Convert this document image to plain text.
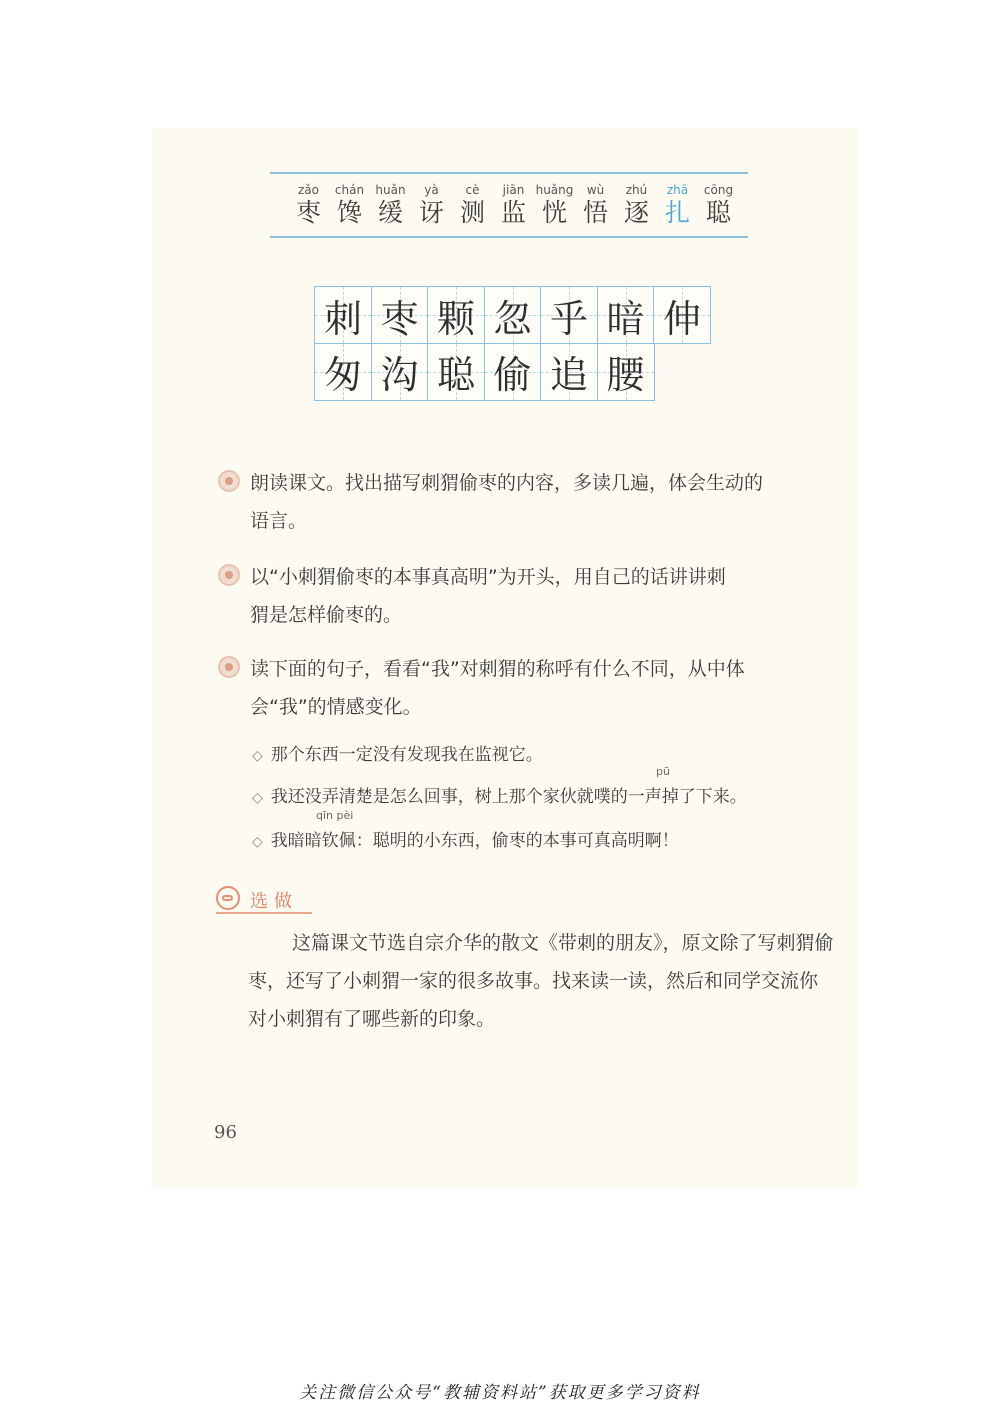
zǎo
枣
chán
馋
huǎn
缓
yà
讶
cè
测
jiān
监
huǎng
恍
wù
悟
zhú
逐
zhā
扎
cōng
聪
刺 枣 颗 忽 乎 暗 伸
匆 沟 聪 偷 追 腰

朗读课文。找出描写刺猬偷枣的内容，多读几遍，体会生动的

语言。

以“小刺猬偷枣的本事真高明”为开头，用自己的话讲讲刺

猬是怎样偷枣的。

读下面的句子，看看“我”对刺猬的称呼有什么不同，从中体

会“我”的情感变化。

◇ 那个东西一定没有发现我在监视它。
pū
◇ 我还没弄清楚是怎么回事，树上那个家伙就噗的一声掉了下来。
qīn pèi
◇ 我暗暗钦佩：聪明的小东西，偷枣的本事可真高明啊！
选做
这篇课文节选自宗介华的散文《带刺的朋友》，原文除了写刺猬偷枣，还写了小刺猬一家的很多故事。找来读一读，然后和同学交流你对小刺猬有了哪些新的印象。
96
关注微信公众号“教辅资料站”获取更多学习资料
